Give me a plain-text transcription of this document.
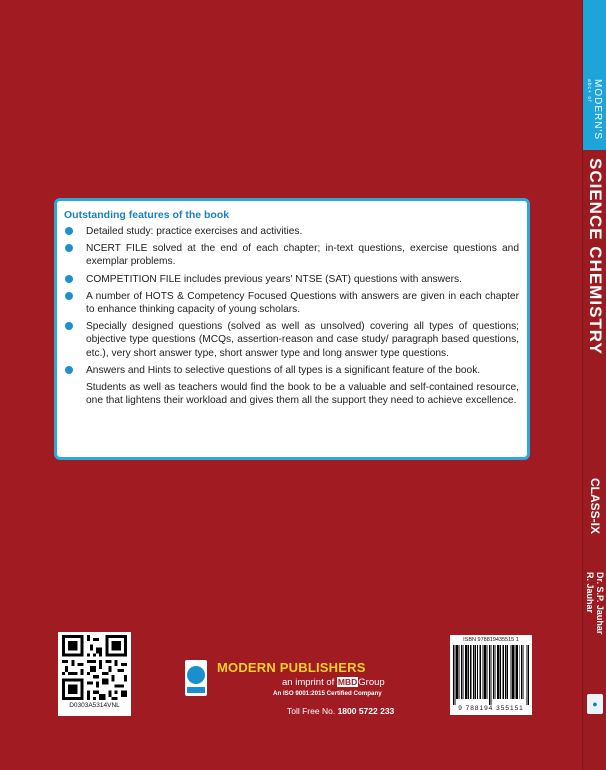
Outstanding features of the book
Detailed study: practice exercises and activities.
NCERT FILE solved at the end of each chapter; in-text questions, exercise questions and exemplar problems.
COMPETITION FILE includes previous years' NTSE (SAT) questions with answers.
A number of HOTS & Competency Focused Questions with answers are given in each chapter to enhance thinking capacity of young scholars.
Specially designed questions (solved as well as unsolved) covering all types of questions; objective type questions (MCQs, assertion-reason and case study/ paragraph based questions, etc.), very short answer type, short answer type and long answer type questions.
Answers and Hints to selective questions of all types is a significant feature of the book.
Students as well as teachers would find the book to be a valuable and self-contained resource, one that lightens their workload and gives them all the support they need to achieve excellence.
D0303A5314VNL
MODERN PUBLISHERS
an imprint of MBDGroup
An ISO 9001:2015 Certified Company
Toll Free No. 1800 5722 233
ISBN 978819435515 1
9 788194 355151
MODERN'S
abc+ of
SCIENCE CHEMISTRY
CLASS-IX
Dr. S.P. Jauhar
R. Jauhar
●
